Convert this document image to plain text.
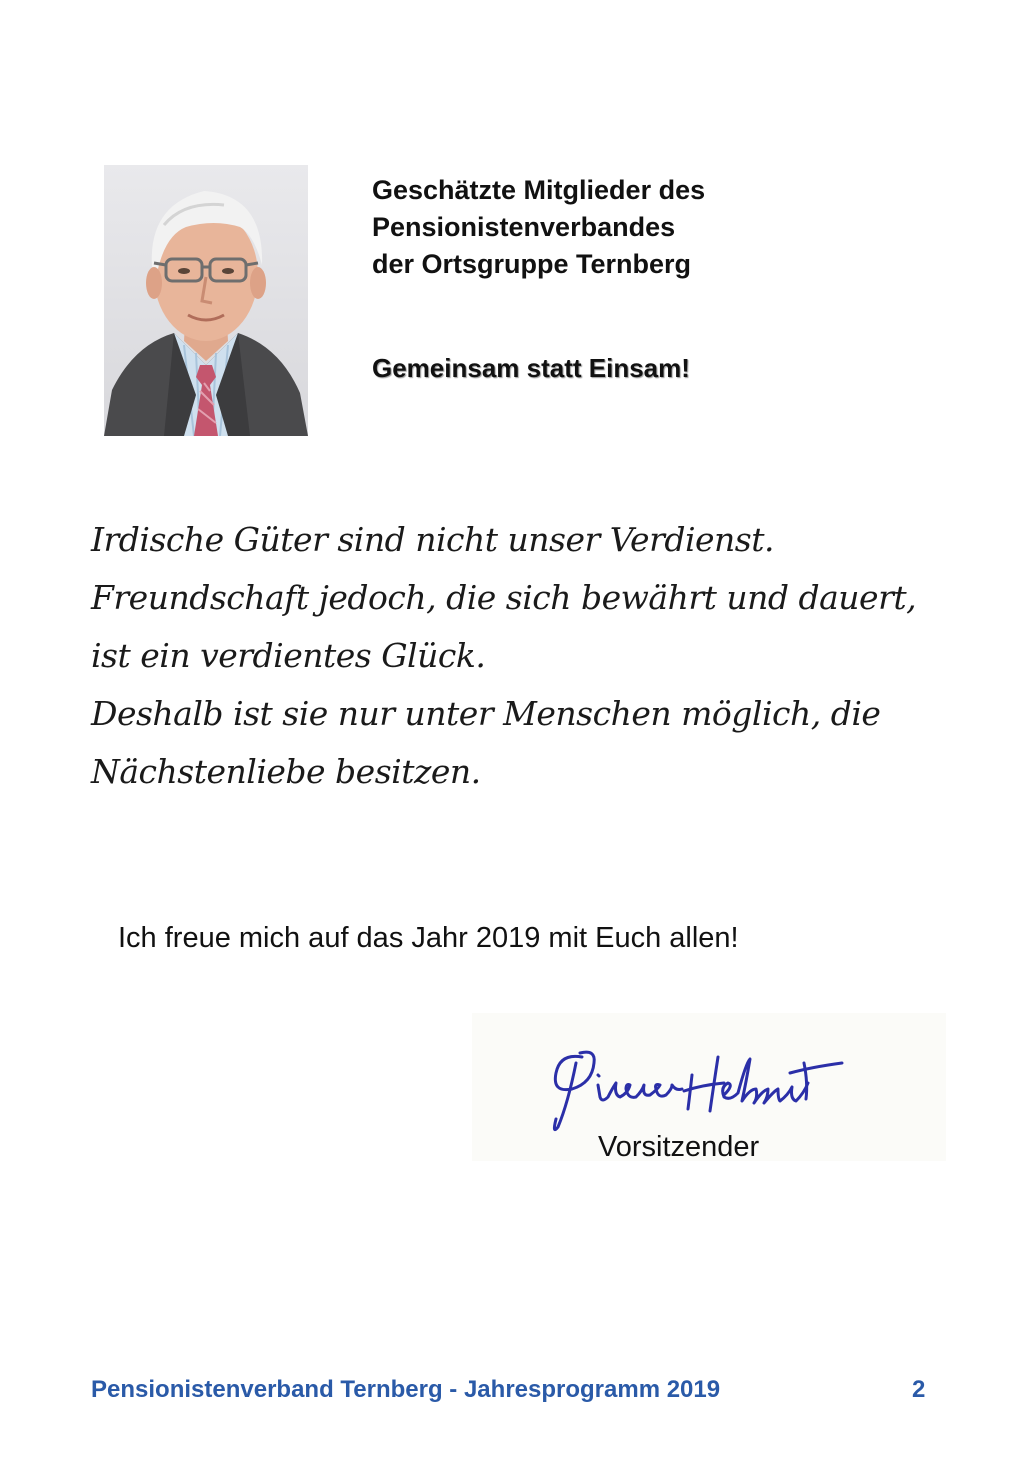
Geschätzte Mitglieder des
Pensionistenverbandes
der Ortsgruppe Ternberg
Gemeinsam statt Einsam!
Irdische Güter sind nicht unser Verdienst.
Freundschaft jedoch, die sich bewährt und dauert,
ist ein verdientes Glück.
Deshalb ist sie nur unter Menschen möglich, die
Nächstenliebe besitzen.
Ich freue mich auf das Jahr 2019 mit Euch allen!
Vorsitzender
Pensionistenverband Ternberg - Jahresprogramm 2019	2
